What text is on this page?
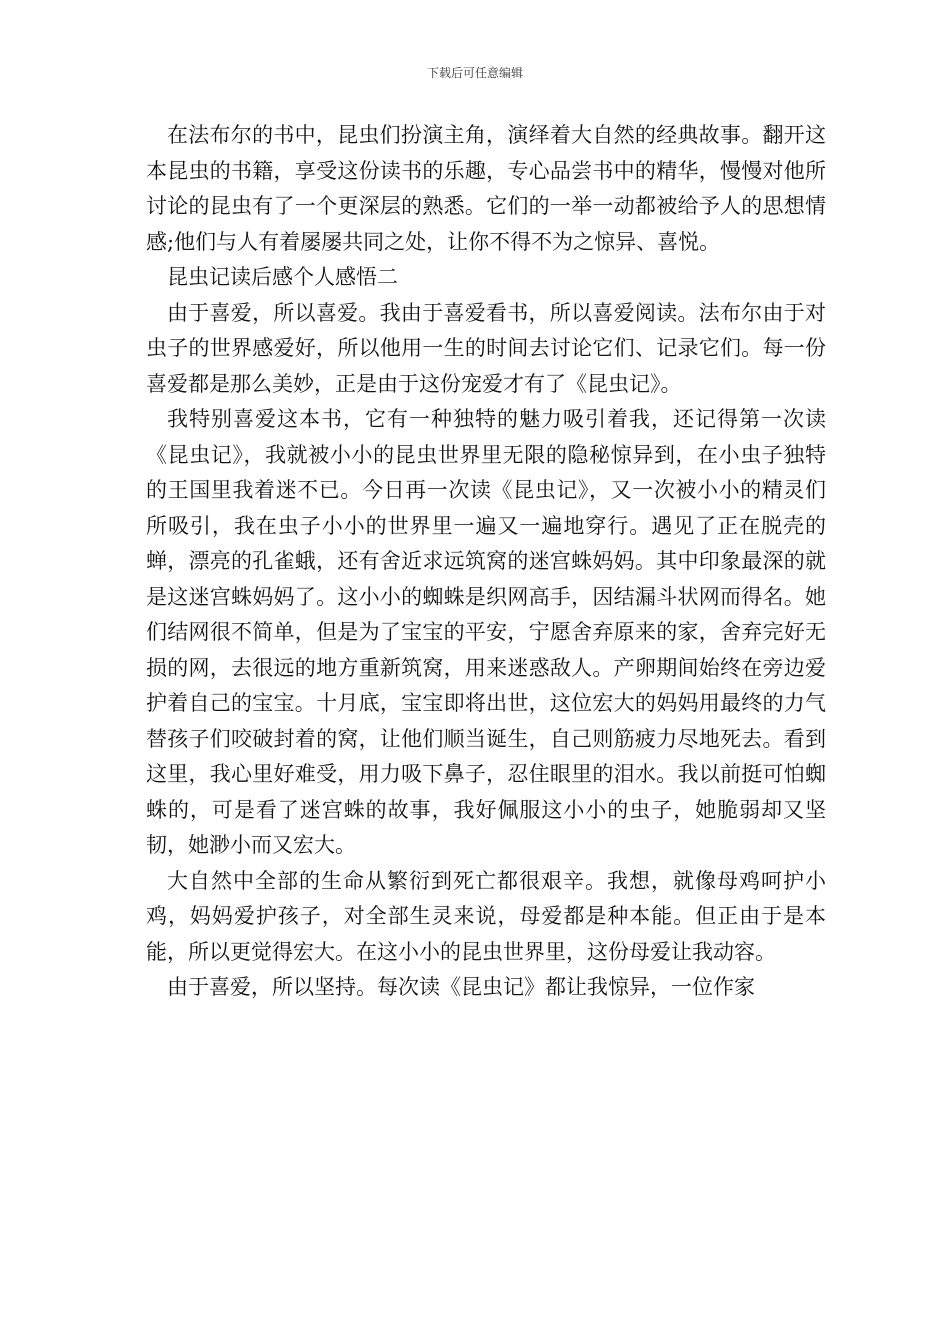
下载后可任意编辑

在法布尔的书中，昆虫们扮演主角，演绎着大自然的经典故事。翻开这本昆虫的书籍，享受这份读书的乐趣，专心品尝书中的精华，慢慢对他所讨论的昆虫有了一个更深层的熟悉。它们的一举一动都被给予人的思想情感;他们与人有着屡屡共同之处，让你不得不为之惊异、喜悦。

昆虫记读后感个人感悟二

由于喜爱，所以喜爱。我由于喜爱看书，所以喜爱阅读。法布尔由于对虫子的世界感爱好，所以他用一生的时间去讨论它们、记录它们。每一份喜爱都是那么美妙，正是由于这份宠爱才有了《昆虫记》。

我特别喜爱这本书，它有一种独特的魅力吸引着我，还记得第一次读《昆虫记》，我就被小小的昆虫世界里无限的隐秘惊异到，在小虫子独特的王国里我着迷不已。今日再一次读《昆虫记》，又一次被小小的精灵们所吸引，我在虫子小小的世界里一遍又一遍地穿行。遇见了正在脱壳的蝉，漂亮的孔雀蛾，还有舍近求远筑窝的迷宫蛛妈妈。其中印象最深的就是这迷宫蛛妈妈了。这小小的蜘蛛是织网高手，因结漏斗状网而得名。她们结网很不简单，但是为了宝宝的平安，宁愿舍弃原来的家，舍弃完好无损的网，去很远的地方重新筑窝，用来迷惑敌人。产卵期间始终在旁边爱护着自己的宝宝。十月底，宝宝即将出世，这位宏大的妈妈用最终的力气替孩子们咬破封着的窝，让他们顺当诞生，自己则筋疲力尽地死去。看到这里，我心里好难受，用力吸下鼻子，忍住眼里的泪水。我以前挺可怕蜘蛛的，可是看了迷宫蛛的故事，我好佩服这小小的虫子，她脆弱却又坚韧，她渺小而又宏大。

大自然中全部的生命从繁衍到死亡都很艰辛。我想，就像母鸡呵护小鸡，妈妈爱护孩子，对全部生灵来说，母爱都是种本能。但正由于是本能，所以更觉得宏大。在这小小的昆虫世界里，这份母爱让我动容。

由于喜爱，所以坚持。每次读《昆虫记》都让我惊异，一位作家
